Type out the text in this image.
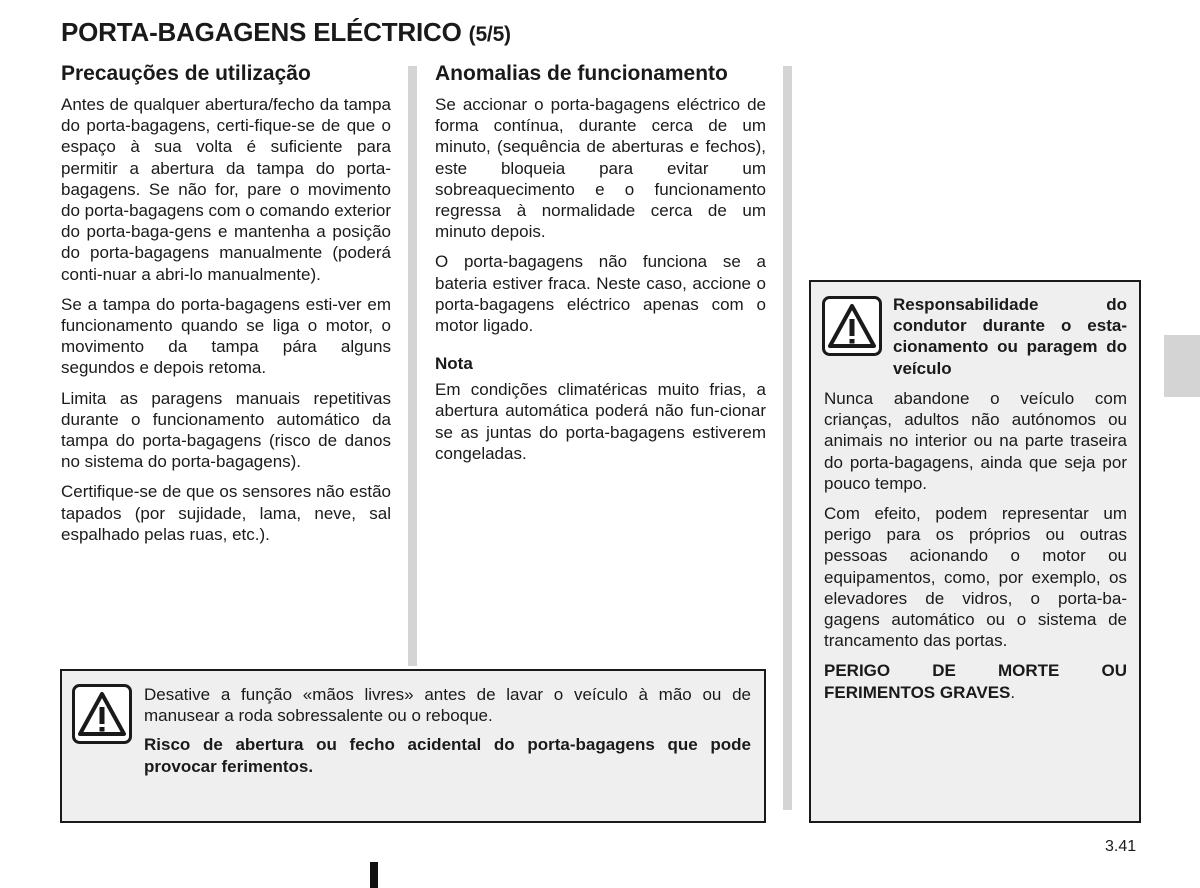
PORTA-BAGAGENS ELÉCTRICO (5/5)
Precauções de utilização

Antes de qualquer abertura/fecho da tampa do porta-bagagens, certi-fique-se de que o espaço à sua volta é suficiente para permitir a abertura da tampa do porta-bagagens. Se não for, pare o movimento do porta-bagagens com o comando exterior do porta-baga-gens e mantenha a posição do porta-bagagens manualmente (poderá conti-nuar a abri-lo manualmente).

Se a tampa do porta-bagagens esti-ver em funcionamento quando se liga o motor, o movimento da tampa pára alguns segundos e depois retoma.

Limita as paragens manuais repetitivas durante o funcionamento automático da tampa do porta-bagagens (risco de danos no sistema do porta-bagagens).

Certifique-se de que os sensores não estão tapados (por sujidade, lama, neve, sal espalhado pelas ruas, etc.).

Anomalias de funcionamento

Se accionar o porta-bagagens eléctrico de forma contínua, durante cerca de um minuto, (sequência de aberturas e fechos), este bloqueia para evitar um sobreaquecimento e o funcionamento regressa à normalidade cerca de um minuto depois.

O porta-bagagens não funciona se a bateria estiver fraca. Neste caso, accione o porta-bagagens eléctrico apenas com o motor ligado.

Nota

Em condições climatéricas muito frias, a abertura automática poderá não fun-cionar se as juntas do porta-bagagens estiverem congeladas.

Desative a função «mãos livres» antes de lavar o veículo à mão ou de manusear a roda sobressalente ou o reboque.

Risco de abertura ou fecho acidental do porta-bagagens que pode provocar ferimentos.

Responsabilidade do condutor durante o esta-cionamento ou paragem do veículo

Nunca abandone o veículo com crianças, adultos não autónomos ou animais no interior ou na parte traseira do porta-bagagens, ainda que seja por pouco tempo.

Com efeito, podem representar um perigo para os próprios ou outras pessoas acionando o motor ou equipamentos, como, por exemplo, os elevadores de vidros, o porta-ba-gagens automático ou o sistema de trancamento das portas.

PERIGO DE MORTE OU

FERIMENTOS GRAVES.

3.41
